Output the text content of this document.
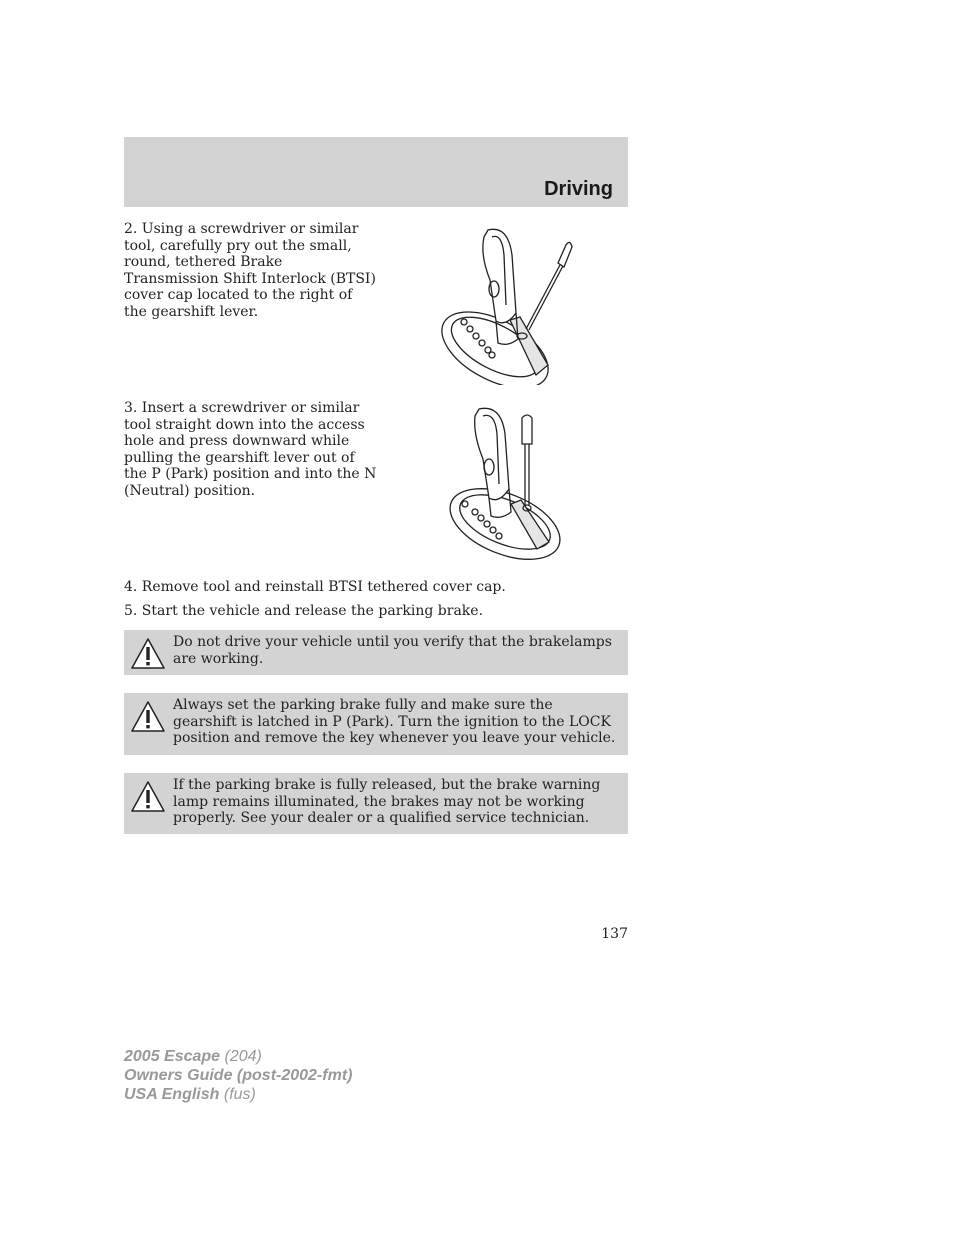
Driving
2. Using a screwdriver or similar tool, carefully pry out the small, round, tethered Brake Transmission Shift Interlock (BTSI) cover cap located to the right of the gearshift lever.
3. Insert a screwdriver or similar tool straight down into the access hole and press downward while pulling the gearshift lever out of the P (Park) position and into the N (Neutral) position.
4. Remove tool and reinstall BTSI tethered cover cap.
5. Start the vehicle and release the parking brake.
Do not drive your vehicle until you verify that the brakelamps are working.
Always set the parking brake fully and make sure the gearshift is latched in P (Park). Turn the ignition to the LOCK position and remove the key whenever you leave your vehicle.
If the parking brake is fully released, but the brake warning lamp remains illuminated, the brakes may not be working properly. See your dealer or a qualified service technician.
137
2005 Escape (204)
Owners Guide (post-2002-fmt)
USA English (fus)
